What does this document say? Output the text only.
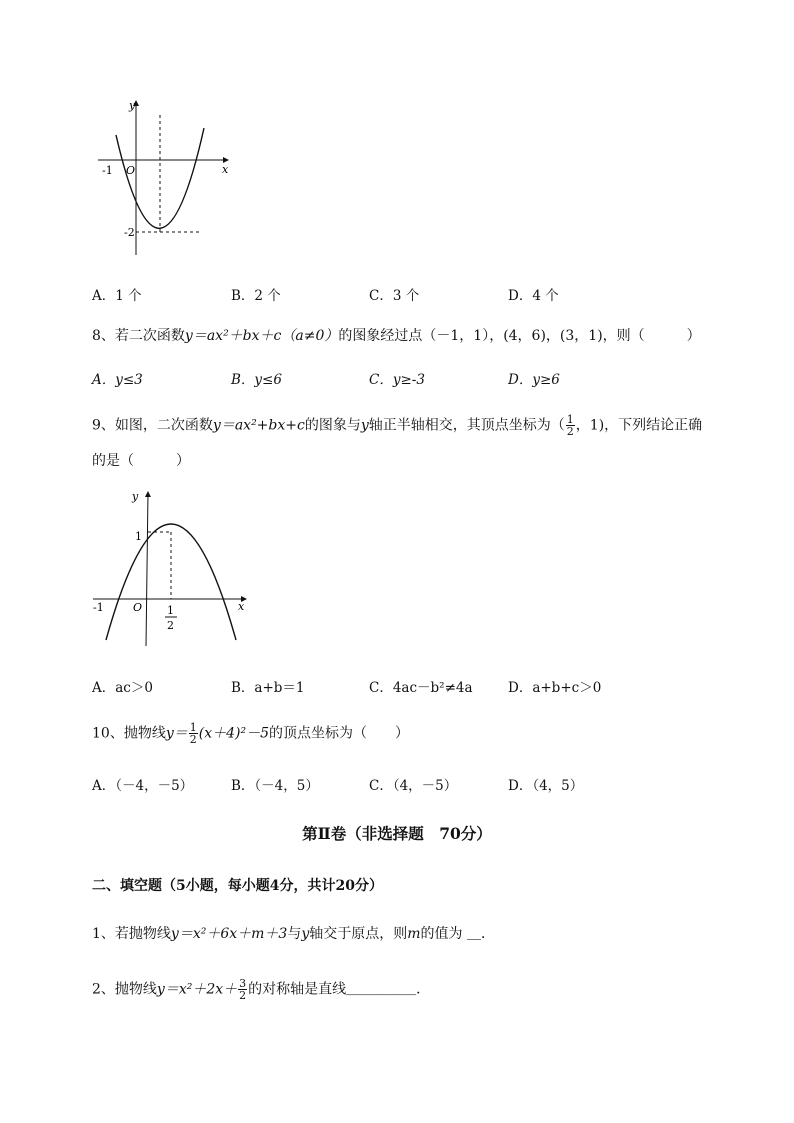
y
x
O
-1
-2
A．1 个	B．2 个	C．3 个	D．4 个
8、若二次函数y＝ax²＋bx＋c（a≠0）的图象经过点（－1，1），(4，6)，(3，1)，则（　　　）
A．y≤3	B．y≤6	C．y≥-3	D．y≥6
9、如图，二次函数y＝ax²+bx+c的图象与y轴正半轴相交，其顶点坐标为（ $\frac{1}{2}$ ，1)，下列结论正确
的是（　　　）
y
x
O
-1
1
1
2
A．ac＞0	B．a+b＝1	C．4ac－b²≠4a	D．a+b+c＞0
10、抛物线$y= \frac{1}{2} (x+4)^2-5$的顶点坐标为（　　）
A．（－4，－5）	B．（－4，5）	C．（4，－5）	D．（4，5）
第Ⅱ卷（非选择题　70分）
二、填空题（5小题，每小题4分，共计20分）
1、若抛物线y＝x²＋6x＋m＋3与y轴交于原点，则m的值为 ＿．
2、抛物线$y=x^2+2x+ \frac{3}{2}$ 的对称轴是直线＿＿＿＿＿．
